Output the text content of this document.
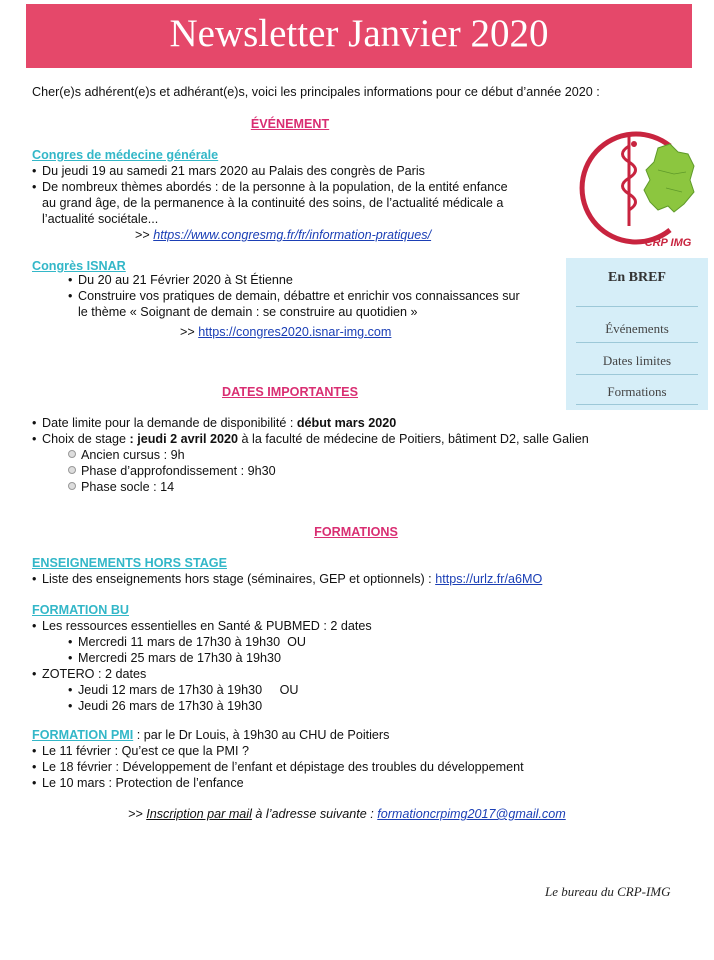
Newsletter Janvier 2020
Cher(e)s adhérent(e)s et adhérant(e)s, voici les principales informations pour ce début d’année 2020 :
ÉVÉNEMENT
Congres de médecine générale
• Du jeudi 19 au samedi 21 mars 2020 au Palais des congrès de Paris
• De nombreux thèmes abordés : de la personne à la population, de la entité enfance
au grand âge, de la permanence à la continuité des soins, de l’actualité médicale a
l’actualité sociétale...
>> https://www.congresmg.fr/fr/information-pratiques/
Congrès ISNAR
• Du 20 au 21 Février 2020 à St Étienne
• Construire vos pratiques de demain, débattre et enrichir vos connaissances sur
le thème « Soignant de demain : se construire au quotidien »
>> https://congres2020.isnar-img.com
DATES IMPORTANTES
• Date limite pour la demande de disponibilité : début mars 2020
• Choix de stage : jeudi 2 avril 2020 à la faculté de médecine de Poitiers, bâtiment D2, salle Galien
Ancien cursus : 9h
Phase d’approfondissement : 9h30
Phase socle : 14
FORMATIONS
ENSEIGNEMENTS HORS STAGE
• Liste des enseignements hors stage (séminaires, GEP et optionnels) : https://urlz.fr/a6MO
FORMATION BU
• Les ressources essentielles en Santé & PUBMED : 2 dates
• Mercredi 11 mars de 17h30 à 19h30  OU
• Mercredi 25 mars de 17h30 à 19h30
• ZOTERO : 2 dates
• Jeudi 12 mars de 17h30 à 19h30     OU
• Jeudi 26 mars de 17h30 à 19h30
FORMATION PMI : par le Dr Louis, à 19h30 au CHU de Poitiers
• Le 11 février : Qu’est ce que la PMI ?
• Le 18 février : Développement de l’enfant et dépistage des troubles du développement
• Le 10 mars : Protection de l’enfance
>> Inscription par mail à l’adresse suivante : formationcrpimg2017@gmail.com
CRP IMG
En BREF
Événements
Dates limites
Formations
Le bureau du CRP-IMG
